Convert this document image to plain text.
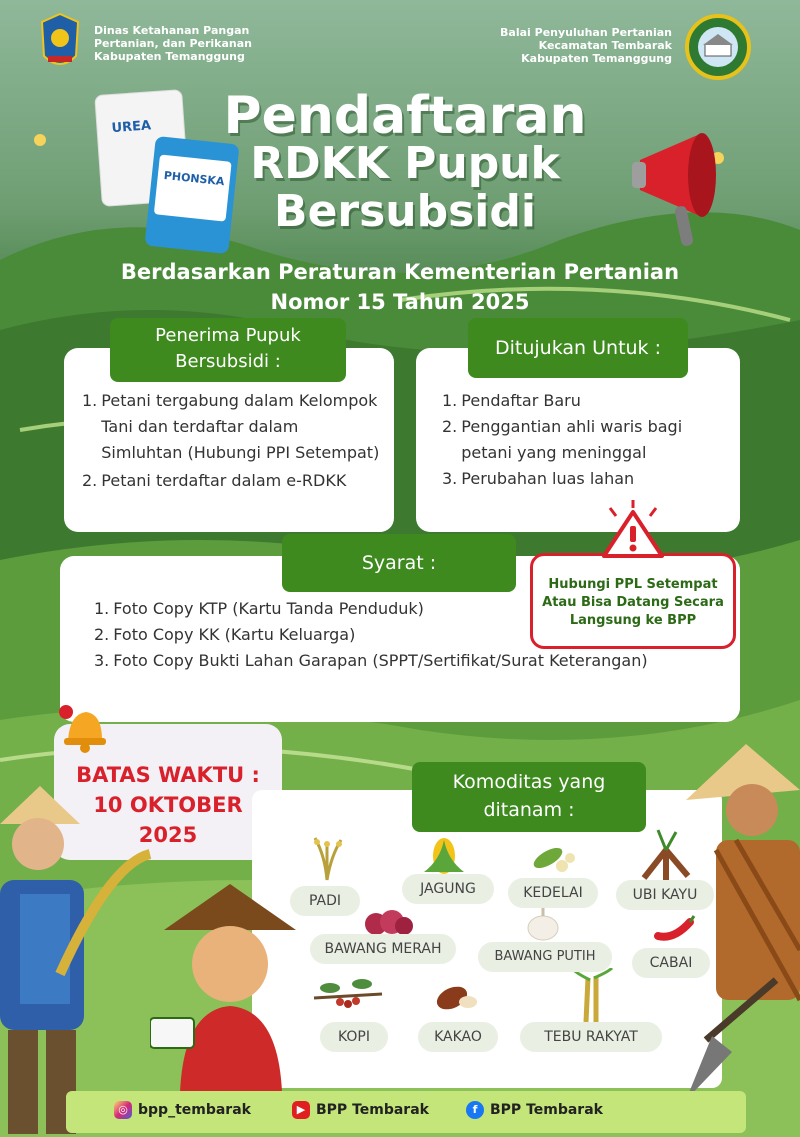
Dinas Ketahanan Pangan
Pertanian, dan Perikanan
Kabupaten Temanggung
Balai Penyuluhan Pertanian
Kecamatan Tembarak
Kabupaten Temanggung
UREA
PHONSKA
Pendaftaran
RDKK Pupuk
Bersubsidi
Berdasarkan Peraturan Kementerian Pertanian
Nomor 15 Tahun 2025
Penerima Pupuk
Bersubsidi :
1. Petani tergabung dalam Kelompok Tani dan terdaftar dalam Simluhtan (Hubungi PPI Setempat)
2. Petani terdaftar dalam e-RDKK
Ditujukan Untuk :
1. Pendaftar Baru
2. Penggantian ahli waris bagi petani yang meninggal
3. Perubahan luas lahan
Syarat :
1. Foto Copy KTP (Kartu Tanda Penduduk)
2. Foto Copy KK (Kartu Keluarga)
3. Foto Copy Bukti Lahan Garapan (SPPT/Sertifikat/Surat Keterangan)
Hubungi PPL Setempat
Atau Bisa Datang Secara
Langsung ke BPP
BATAS WAKTU :
10 OKTOBER
2025
Komoditas yang
ditanam :
PADI
JAGUNG	KEDELAI	UBI KAYU
BAWANG MERAH	BAWANG PUTIH	CABAI
KOPI	KAKAO	TEBU RAKYAT
◎ bpp_tembarak	▶ BPP Tembarak	f BPP Tembarak
